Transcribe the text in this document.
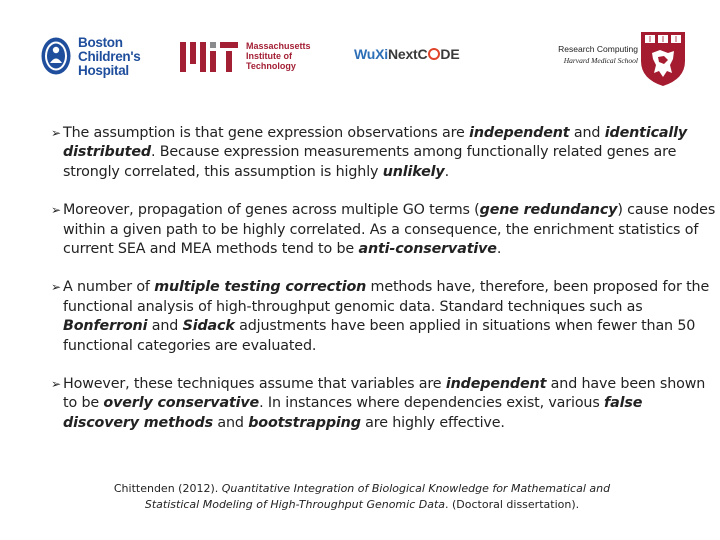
Boston
Children's
Hospital
Massachusetts
Institute of
Technology
WuXiNextC DE	Research Computing
Harvard Medical School
➢ The assumption is that gene expression observations are independent and identically distributed. Because expression measurements among functionally related genes are strongly correlated, this assumption is highly unlikely.
➢ Moreover, propagation of genes across multiple GO terms (gene redundancy) cause nodes within a given path to be highly correlated. As a consequence, the enrichment statistics of current SEA and MEA methods tend to be anti-conservative.
➢ A number of multiple testing correction methods have, therefore, been proposed for the functional analysis of high-throughput genomic data. Standard techniques such as Bonferroni and Sidack adjustments have been applied in situations when fewer than 50 functional categories are evaluated.
➢ However, these techniques assume that variables are independent and have been shown to be overly conservative. In instances where dependencies exist, various false discovery methods and bootstrapping are highly effective.
Chittenden (2012). Quantitative Integration of Biological Knowledge for Mathematical and Statistical Modeling of High-Throughput Genomic Data. (Doctoral dissertation).
